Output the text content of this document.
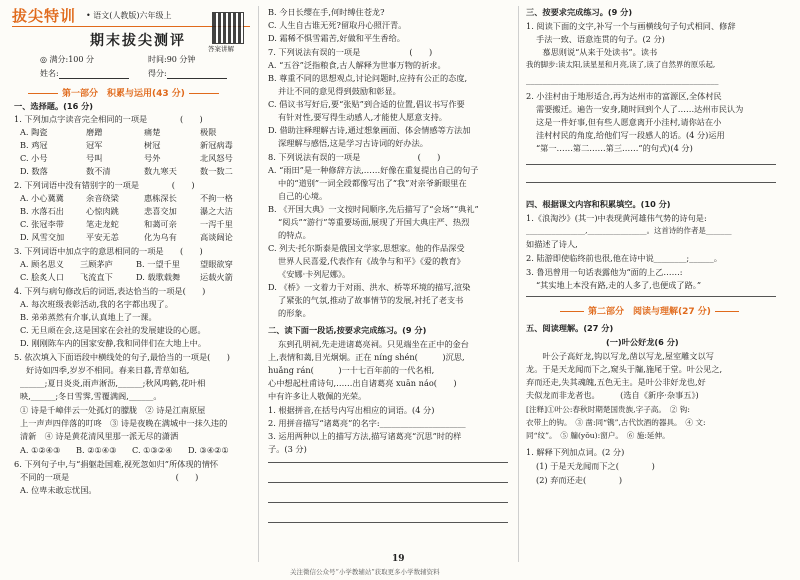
拔尖特训 • 语文(人教版)六年级上
答案讲解
期末拔尖测评
◎ 满分:100 分	时间:90 分钟
姓名:	得分:
第一部分　积累与运用(43 分)
一、选择题。(16 分)
1. 下列加点字读音完全相同的一项是　　　　(　　)
A. 陶瓷	磨蹭	痛楚	极限
B. 鸡冠	冠军	树冠	新冠病毒
C. 小号	号叫	号外	北风怒号
D. 数落	数不清	数九寒天	数一数二
2. 下列词语中没有错别字的一项是　　　　(　　)
A. 小心冀冀	余音绕梁	惠栋深长	不拘一格
B. 水落石出	心惊肉跳	悲喜交加	瀑之大洁
C. 张冠李带	笔走龙蛇	和蔼可亲	一泻千里
D. 风雪交加	平安无恙	化为乌有	高谈阔论
3. 下列词语中加点字的意思相同的一项是　　(　　)
A. 顾名思义 三顾茅庐	B. 一望千里 望眼欲穿
C. 脍炙人口 飞流直下	D. 载歌载舞 运载火箭
4. 下列与病句修改后的词语,表达恰当的一项是(　　)
A. 每次班级表彰活动,我的名字都出现了。
B. 弟弟蒸然有介事,认真地上了一课。
C. 无旦顽在会,这是国家在会社的发展建设的心愿。
D. 刚刚陈车内的国家安静,我和同伴们在大地上中。
5. 依次填入下面语段中横线处的句子,最恰当的一项是(　　)
好诗如四季,岁岁不相同。春来日暮,青草如毡,
______;夏日炎炎,雨声淅沥,______;秋风鸣鹤,花叶相
映,______;冬日雪霁,雪覆满阁,______。
① 诗是千嶂伴云一处孤灯的朦胧　② 诗是江南原屋
上一声声四伴落的叮咚　③ 诗是夜晚在满城中一抹久违的
清新　④ 诗是黄花清风里那一派无尽的潇洒
A. ①②④③ B. ②①④③ C. ①③②④ D. ③④②①
6. 下列句子中,与“捐躯赴国难,视死忽如归”所体现的情怀
不同的一项是　　　　　　　　　　　　　(　　)
A. 位卑未敢忘忧国。
B. 今日长缨在手,何时缚住苍龙?
C. 人生自古谁无死?留取丹心照汗青。
D. 霜稀不惧雪霜苦,好做和平生香给。
7. 下列说法有误的一项是　　　　　　(　　)
A. “五谷”泛指粮食,古人解释为世事万物的祈求。
B. 尊重不同的思想观点,讨论问题时,应持有公正的态度,
并让不同的意见得到鼓励和彰显。
C. 倡议书写好后,要“张贴”到合适的位置,倡议书写作要
有针对性,要写得生动感人,才能使人愿意支持。
D. 借助注释理解古诗,通过想象画面、体会情感等方法加
深理解与感悟,这是学习古诗词的好办法。
8. 下列说法有误的一项是　　　　　　　(　　)
A. “雨田”是一种修辞方法,……好像在重复提出自己的句子
中的“道别”一词全段都像写出了“我”对亲爷新眼里在
自己的心境。
B. 《开国大典》一文按时间顺序,先后描写了“会场”“典礼”
“阅兵”“游行”等重要场面,展现了开国大典庄严、热烈
的特点。
C. 列夫·托尔斯泰是俄国文学家,思想家。他的作品深受
世界人民喜爱,代表作有《战争与和平》《爱的教育》
《安娜·卡列尼娜》。
D. 《桥》一文着力于对雨、洪水、桥等环境的描写,渲染
了紧张的气氛,推动了故事情节的发展,衬托了老支书
的形象。
二、读下面一段话,按要求完成练习。(9 分)
东到孔明祠,先走进诸葛亮祠。只见端坐在正中的金台
上,表情和蔼,目光炯炯。正在 níng shén(　　　)沉思,
huǎng rán(　　　)一十七百年前的一代名相,
心中想起杜甫诗句,……出自诸葛亮 xuān náo(　　)
中有许多让人敬佩的光荣。
1. 根据拼音,在括号内写出相应的词语。(4 分)
2. 用拼音描写“诸葛亮”的名字:_____________________
3. 运用两种以上的描写方法,描写诸葛亮“沉思”时的样
子。(3 分)
三、按要求完成练习。(9 分)
1. 阅读下面的文字,补写一个与画横线句子句式相同、修辞
手法一致、语意连贯的句子。(2 分)
　　慕思则说“从来于处读书”。读书
我的脚步:读太阳,读星星和月亮,读了,读了自然界的原乐起,
_______________________________________________
2. 小洼村由于地形适合,再为达州市的富源区,全体村民
需要搬迁。遍告一安身,随时回到个人了……达州市民认为
这是一件好事,但有些人愿意离开小洼村,请你站在小
洼村村民的角度,给他们写一段感人的话。(4 分)运用
“第一……第二……第三……”的句式)(4 分)
四、根据课文内容和积累填空。(10 分)
1.《浪淘沙》(其一)中表现黄河雄伟气势的诗句是:
________________,________________。这首诗的作者是_______
如描述了诗人,
2. 陆游即使临终前也很,他在诗中说________;______。
3. 鲁迅曾用一句话表露他为“面的上乙……:
“其实地上本没有路,走的人多了,也便成了路。”
第二部分　阅读与理解(27 分)
五、阅读理解。(27 分)
(一)叶公好龙(6 分)
　　叶公子高好龙,钩以写龙,凿以写龙,屋室雕文以写
龙。于是天龙闻而下之,窥头于牖,施尾于堂。叶公见之,
弃而还走,失其魂魄,五色无主。是叶公非好龙也,好
夫似龙而非龙者也。　　　(选自《新序·杂事五》)
[注释]①叶公:春秋时期楚国贵族,字子高。　② 钩:
衣带上的钩。　③ 凿:同“镌”,古代饮酒的器具。　④ 文:
同“纹”。　⑤ 牖(yǒu):窗户。　⑥ 施:延伸。
1. 解释下列加点词。(2 分)
(1) 于是天龙闻而下之(　　　　)
(2) 弃而还走(　　　　)
19
关注微信公众号“小学教辅站”获取更多小学数辅资料
